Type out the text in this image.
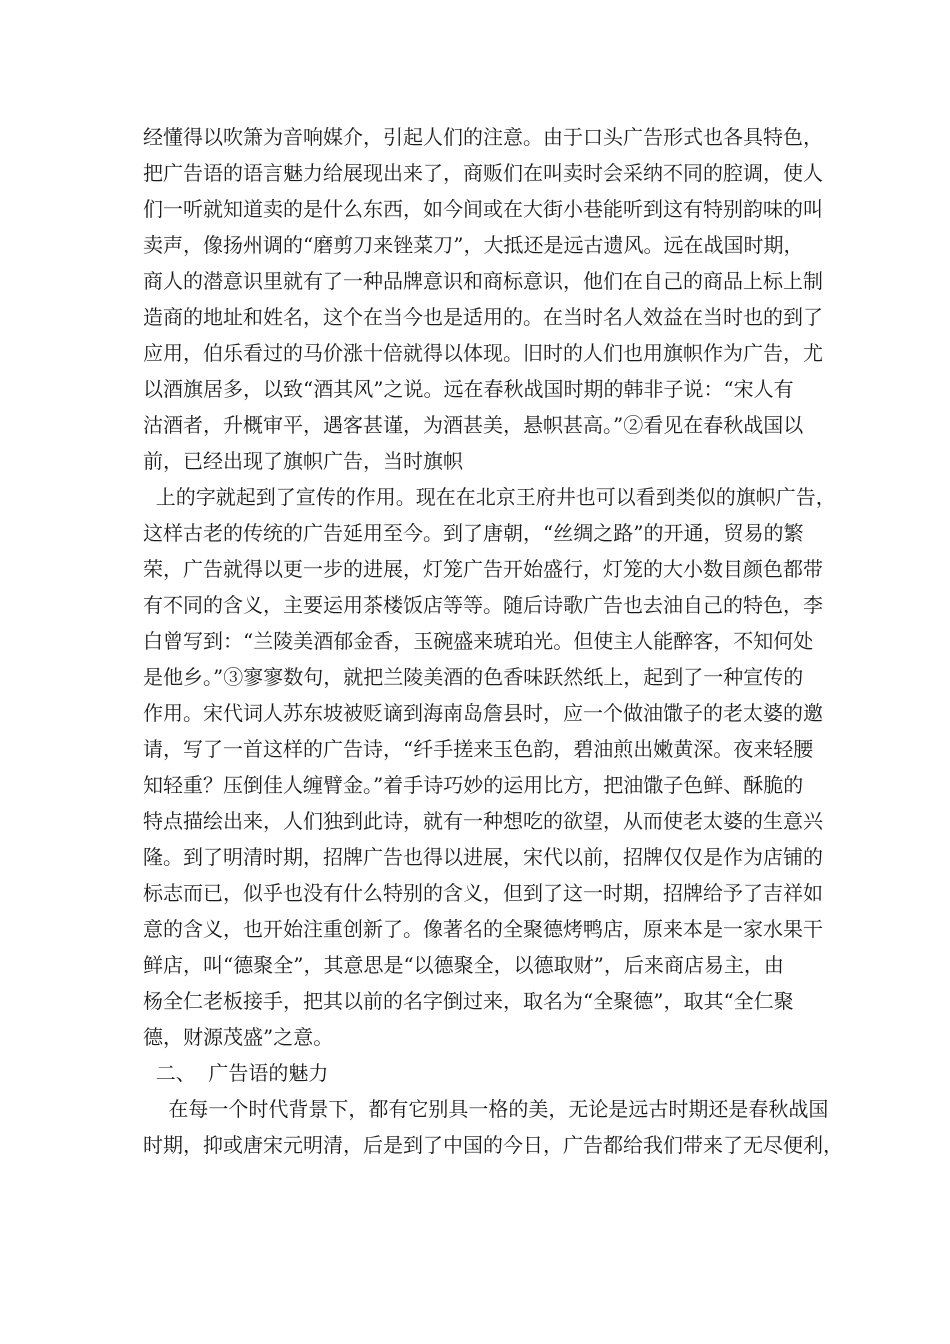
经懂得以吹箫为音响媒介，引起人们的注意。由于口头广告形式也各具特色，
把广告语的语言魅力给展现出来了，商贩们在叫卖时会采纳不同的腔调，使人
们一听就知道卖的是什么东西，如今间或在大街小巷能听到这有特别韵味的叫
卖声，像扬州调的“磨剪刀来锉菜刀”，大抵还是远古遗风。远在战国时期，
商人的潜意识里就有了一种品牌意识和商标意识，他们在自己的商品上标上制
造商的地址和姓名，这个在当今也是适用的。在当时名人效益在当时也的到了
应用，伯乐看过的马价涨十倍就得以体现。旧时的人们也用旗帜作为广告，尤
以酒旗居多，以致“酒其风”之说。远在春秋战国时期的韩非子说：“宋人有
沽酒者，升概审平，遇客甚谨，为酒甚美，悬帜甚高。”②看见在春秋战国以
前，已经出现了旗帜广告，当时旗帜
上的字就起到了宣传的作用。现在在北京王府井也可以看到类似的旗帜广告，
这样古老的传统的广告延用至今。到了唐朝，“丝绸之路”的开通，贸易的繁
荣，广告就得以更一步的进展，灯笼广告开始盛行，灯笼的大小数目颜色都带
有不同的含义，主要运用茶楼饭店等等。随后诗歌广告也去油自己的特色，李
白曾写到：“兰陵美酒郁金香，玉碗盛来琥珀光。但使主人能醉客，不知何处
是他乡。”③寥寥数句，就把兰陵美酒的色香味跃然纸上，起到了一种宣传的
作用。宋代词人苏东坡被贬谪到海南岛詹县时，应一个做油馓子的老太婆的邀
请，写了一首这样的广告诗，“纤手搓来玉色韵，碧油煎出嫩黄深。夜来轻腰
知轻重？压倒佳人缠臂金。”着手诗巧妙的运用比方，把油馓子色鲜、酥脆的
特点描绘出来，人们独到此诗，就有一种想吃的欲望，从而使老太婆的生意兴
隆。到了明清时期，招牌广告也得以进展，宋代以前，招牌仅仅是作为店铺的
标志而已，似乎也没有什么特别的含义，但到了这一时期，招牌给予了吉祥如
意的含义，也开始注重创新了。像著名的全聚德烤鸭店，原来本是一家水果干
鲜店，叫“德聚全”，其意思是“以德聚全，以德取财”，后来商店易主，由
杨全仁老板接手，把其以前的名字倒过来，取名为“全聚德”，取其“全仁聚
德，财源茂盛”之意。
二、  广告语的魅力
在每一个时代背景下，都有它别具一格的美，无论是远古时期还是春秋战国
时期，抑或唐宋元明清，后是到了中国的今日，广告都给我们带来了无尽便利，
